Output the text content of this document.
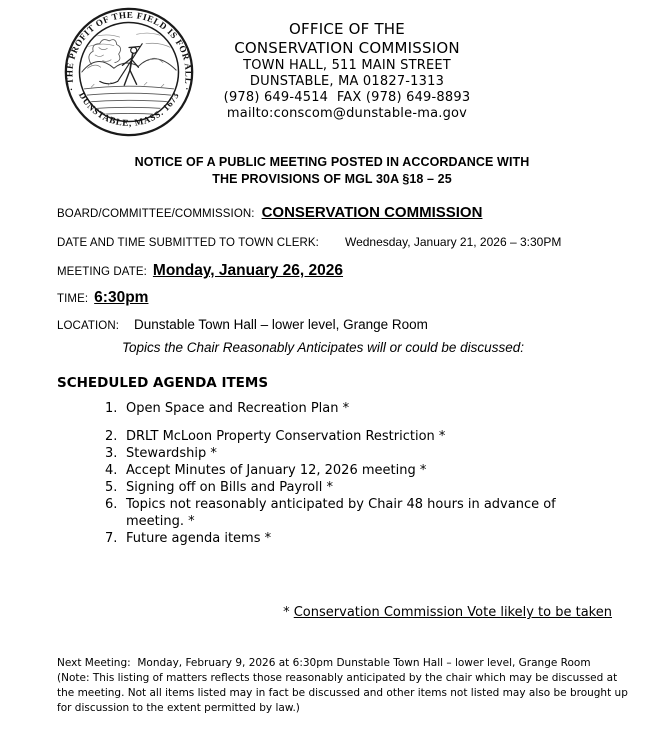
· THE PROFIT OF THE FIELD IS FOR ALL ·
DUNSTABLE, MASS. 1673
OFFICE OF THE
CONSERVATION COMMISSION
TOWN HALL, 511 MAIN STREET
DUNSTABLE, MA 01827-1313
(978) 649-4514  FAX (978) 649-8893
mailto:conscom@dunstable-ma.gov
NOTICE OF A PUBLIC MEETING POSTED IN ACCORDANCE WITH
THE PROVISIONS OF MGL 30A §18 – 25
BOARD/COMMITTEE/COMMISSION: CONSERVATION COMMISSION
DATE AND TIME SUBMITTED TO TOWN CLERK: Wednesday, January 21, 2026 – 3:30PM
MEETING DATE: Monday, January 26, 2026
TIME: 6:30pm
LOCATION: Dunstable Town Hall – lower level, Grange Room
Topics the Chair Reasonably Anticipates will or could be discussed:
SCHEDULED AGENDA ITEMS
1. Open Space and Recreation Plan *
2. DRLT McLoon Property Conservation Restriction *
3. Stewardship *
4. Accept Minutes of January 12, 2026 meeting *
5. Signing off on Bills and Payroll *
6. Topics not reasonably anticipated by Chair 48 hours in advance of meeting. *
7. Future agenda items *
* Conservation Commission Vote likely to be taken
Next Meeting:  Monday, February 9, 2026 at 6:30pm Dunstable Town Hall – lower level, Grange Room
(Note: This listing of matters reflects those reasonably anticipated by the chair which may be discussed at the meeting. Not all items listed may in fact be discussed and other items not listed may also be brought up for discussion to the extent permitted by law.)
